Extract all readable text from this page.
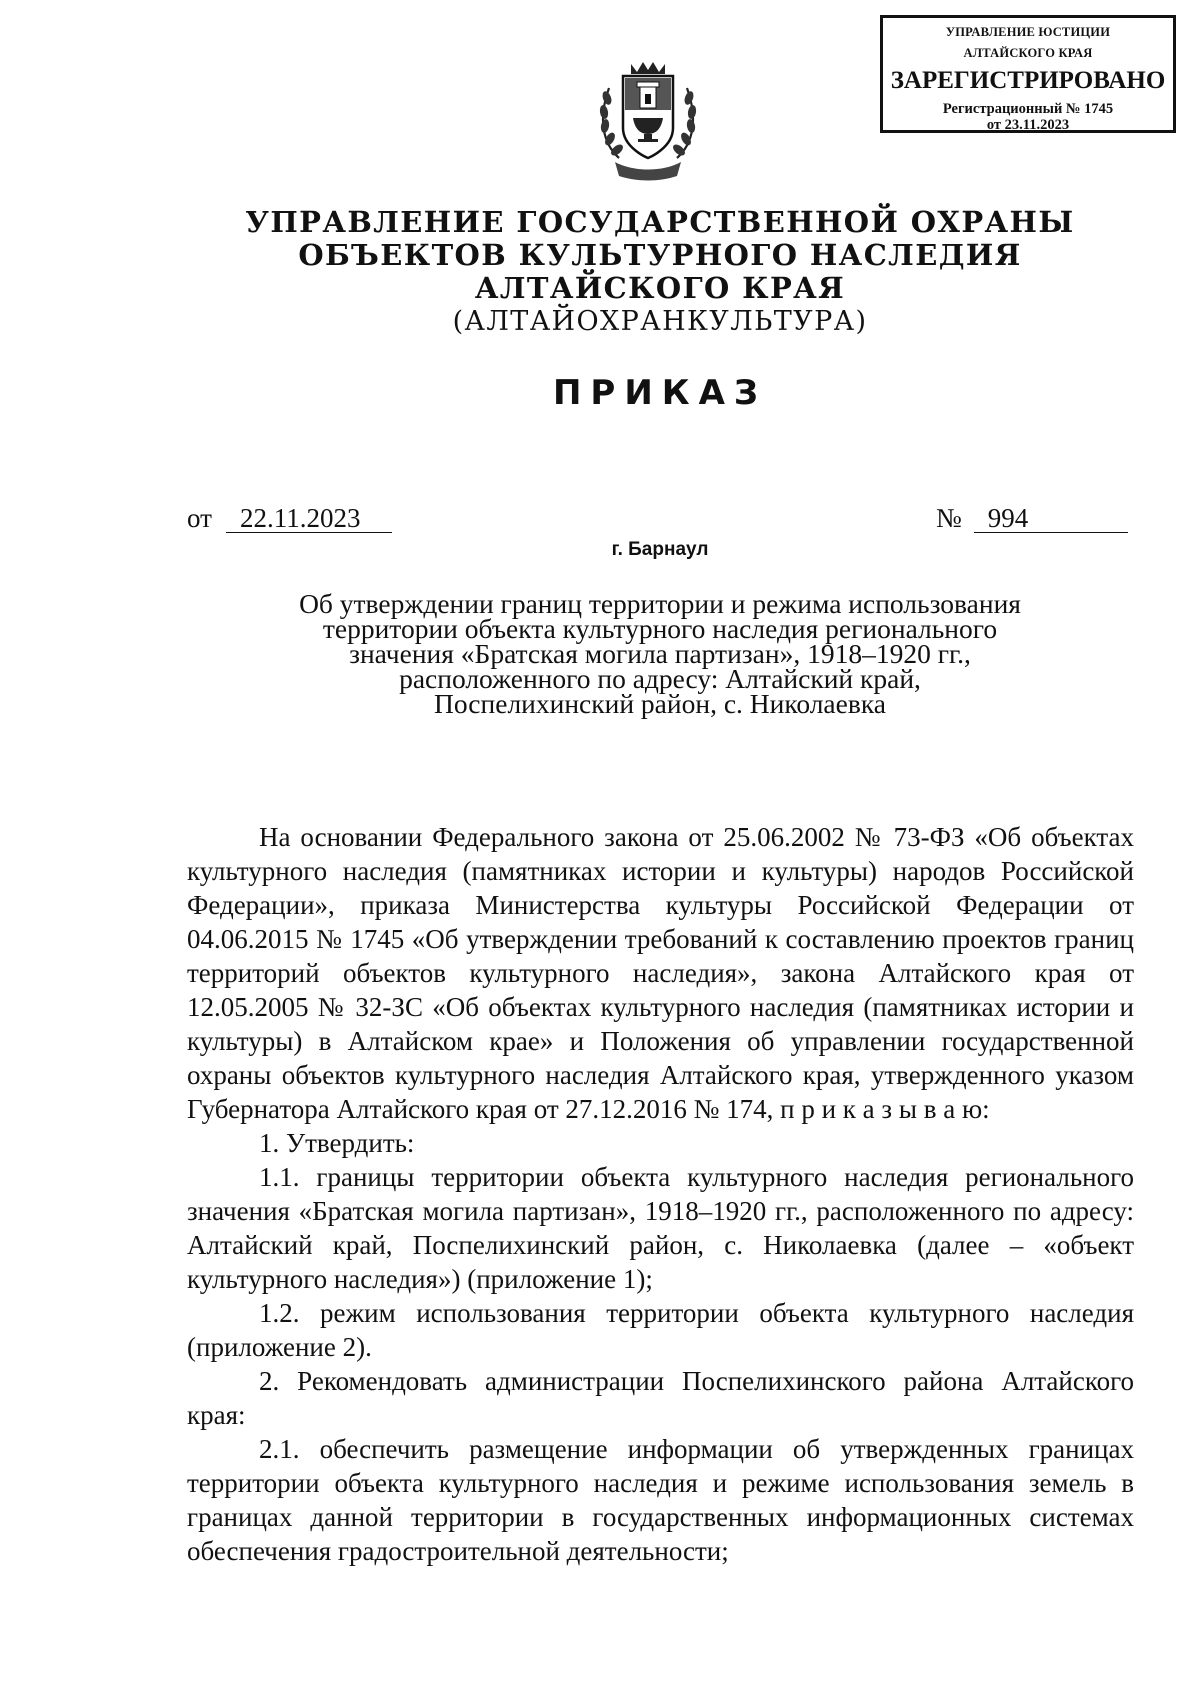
УПРАВЛЕНИЕ ЮСТИЦИИ
АЛТАЙСКОГО КРАЯ
ЗАРЕГИСТРИРОВАНО
Регистрационный № 1745
от 23.11.2023
УПРАВЛЕНИЕ ГОСУДАРСТВЕННОЙ ОХРАНЫ
ОБЪЕКТОВ КУЛЬТУРНОГО НАСЛЕДИЯ
АЛТАЙСКОГО КРАЯ
(АЛТАЙОХРАНКУЛЬТУРА)
ПРИКАЗ
от 22.11.2023	№ 994
г. Барнаул
Об утверждении границ территории и режима использования
территории объекта культурного наследия регионального
значения «Братская могила партизан», 1918–1920 гг.,
расположенного по адресу: Алтайский край,
Поспелихинский район, с. Николаевка

На основании Федерального закона от 25.06.2002 № 73-ФЗ «Об объектах культурного наследия (памятниках истории и культуры) народов Российской Федерации», приказа Министерства культуры Российской Федерации от 04.06.2015 № 1745 «Об утверждении требований к составлению проектов границ территорий объектов культурного наследия», закона Алтайского края от 12.05.2005 № 32-ЗС «Об объектах культурного наследия (памятниках истории и культуры) в Алтайском крае» и Положения об управлении государственной охраны объектов культурного наследия Алтайского края, утвержденного указом Губернатора Алтайского края от 27.12.2016 № 174, п р и к а з ы в а ю:

1. Утвердить:

1.1. границы территории объекта культурного наследия регионального значения «Братская могила партизан», 1918–1920 гг., расположенного по адресу: Алтайский край, Поспелихинский район, с. Николаевка (далее – «объект культурного наследия») (приложение 1);

1.2. режим использования территории объекта культурного наследия (приложение 2).

2. Рекомендовать администрации Поспелихинского района Алтайского края:

2.1. обеспечить размещение информации об утвержденных границах территории объекта культурного наследия и режиме использования земель в границах данной территории в государственных информационных системах обеспечения градостроительной деятельности;
